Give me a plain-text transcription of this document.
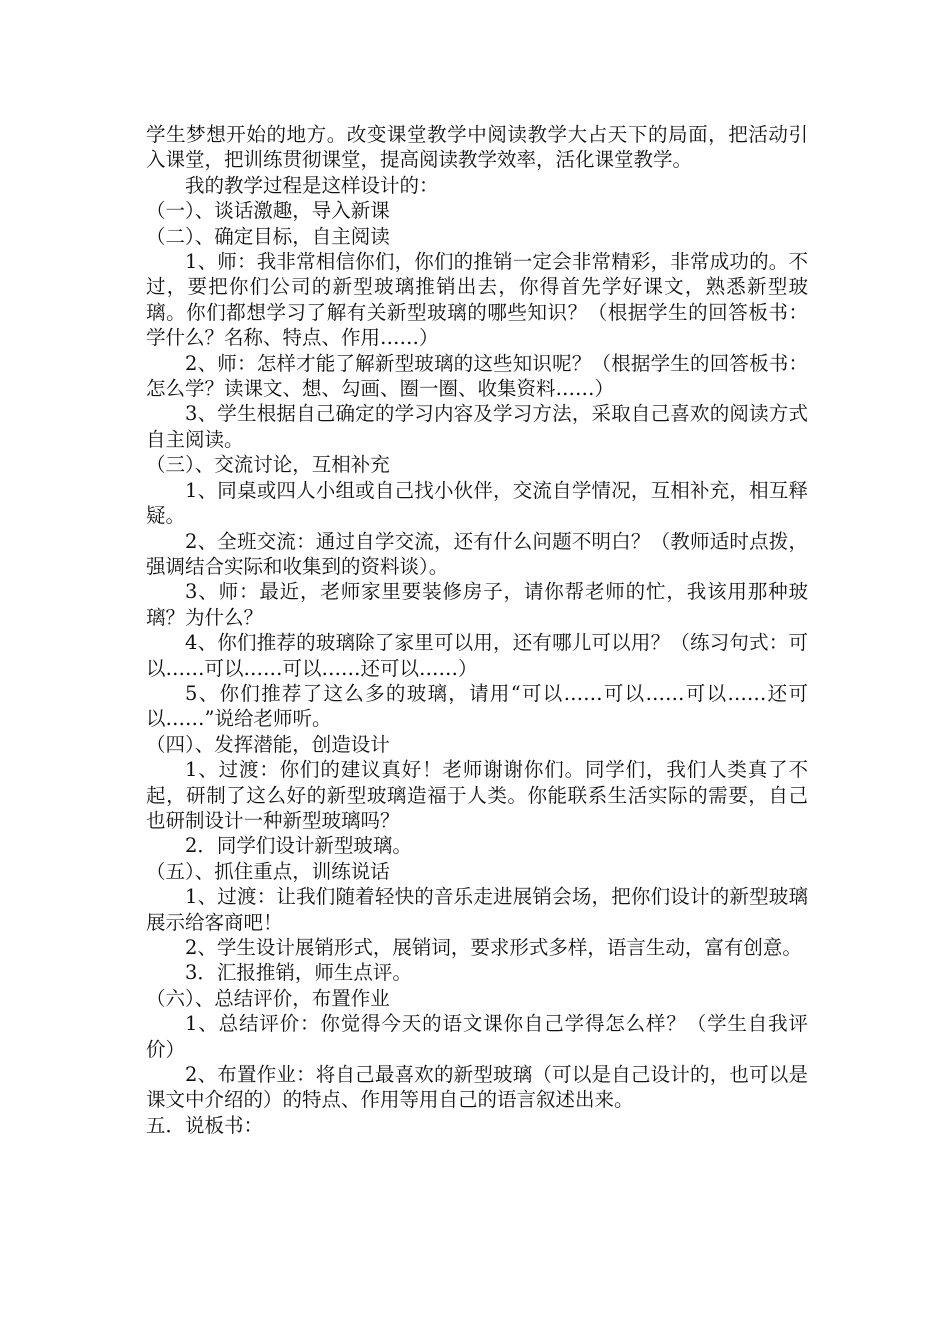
学生梦想开始的地方。改变课堂教学中阅读教学大占天下的局面，把活动引入课堂，把训练贯彻课堂，提高阅读教学效率，活化课堂教学。

我的教学过程是这样设计的：

（一）、谈话激趣，导入新课

（二）、确定目标，自主阅读

1、师：我非常相信你们，你们的推销一定会非常精彩，非常成功的。不过，要把你们公司的新型玻璃推销出去，你得首先学好课文，熟悉新型玻璃。你们都想学习了解有关新型玻璃的哪些知识？（根据学生的回答板书：学什么？名称、特点、作用……）

2、师：怎样才能了解新型玻璃的这些知识呢？（根据学生的回答板书：怎么学？读课文、想、勾画、圈一圈、收集资料……）

3、学生根据自己确定的学习内容及学习方法，采取自己喜欢的阅读方式自主阅读。

（三）、交流讨论，互相补充

1、同桌或四人小组或自己找小伙伴，交流自学情况，互相补充，相互释疑。

2、全班交流：通过自学交流，还有什么问题不明白？（教师适时点拨，强调结合实际和收集到的资料谈）。

3、师：最近，老师家里要装修房子，请你帮老师的忙，我该用那种玻璃？为什么？

4、你们推荐的玻璃除了家里可以用，还有哪儿可以用？（练习句式：可以……可以……可以……还可以……）

5、你们推荐了这么多的玻璃，请用“可以……可以……可以……还可以……”说给老师听。

（四）、发挥潜能，创造设计

1、过渡：你们的建议真好！老师谢谢你们。同学们，我们人类真了不起，研制了这么好的新型玻璃造福于人类。你能联系生活实际的需要，自己也研制设计一种新型玻璃吗？

2．同学们设计新型玻璃。

（五）、抓住重点，训练说话

1、过渡：让我们随着轻快的音乐走进展销会场，把你们设计的新型玻璃展示给客商吧！

2、学生设计展销形式，展销词，要求形式多样，语言生动，富有创意。

3．汇报推销，师生点评。

（六）、总结评价，布置作业

1、总结评价：你觉得今天的语文课你自己学得怎么样？（学生自我评价）

2、布置作业：将自己最喜欢的新型玻璃（可以是自己设计的，也可以是课文中介绍的）的特点、作用等用自己的语言叙述出来。

五．说板书：
